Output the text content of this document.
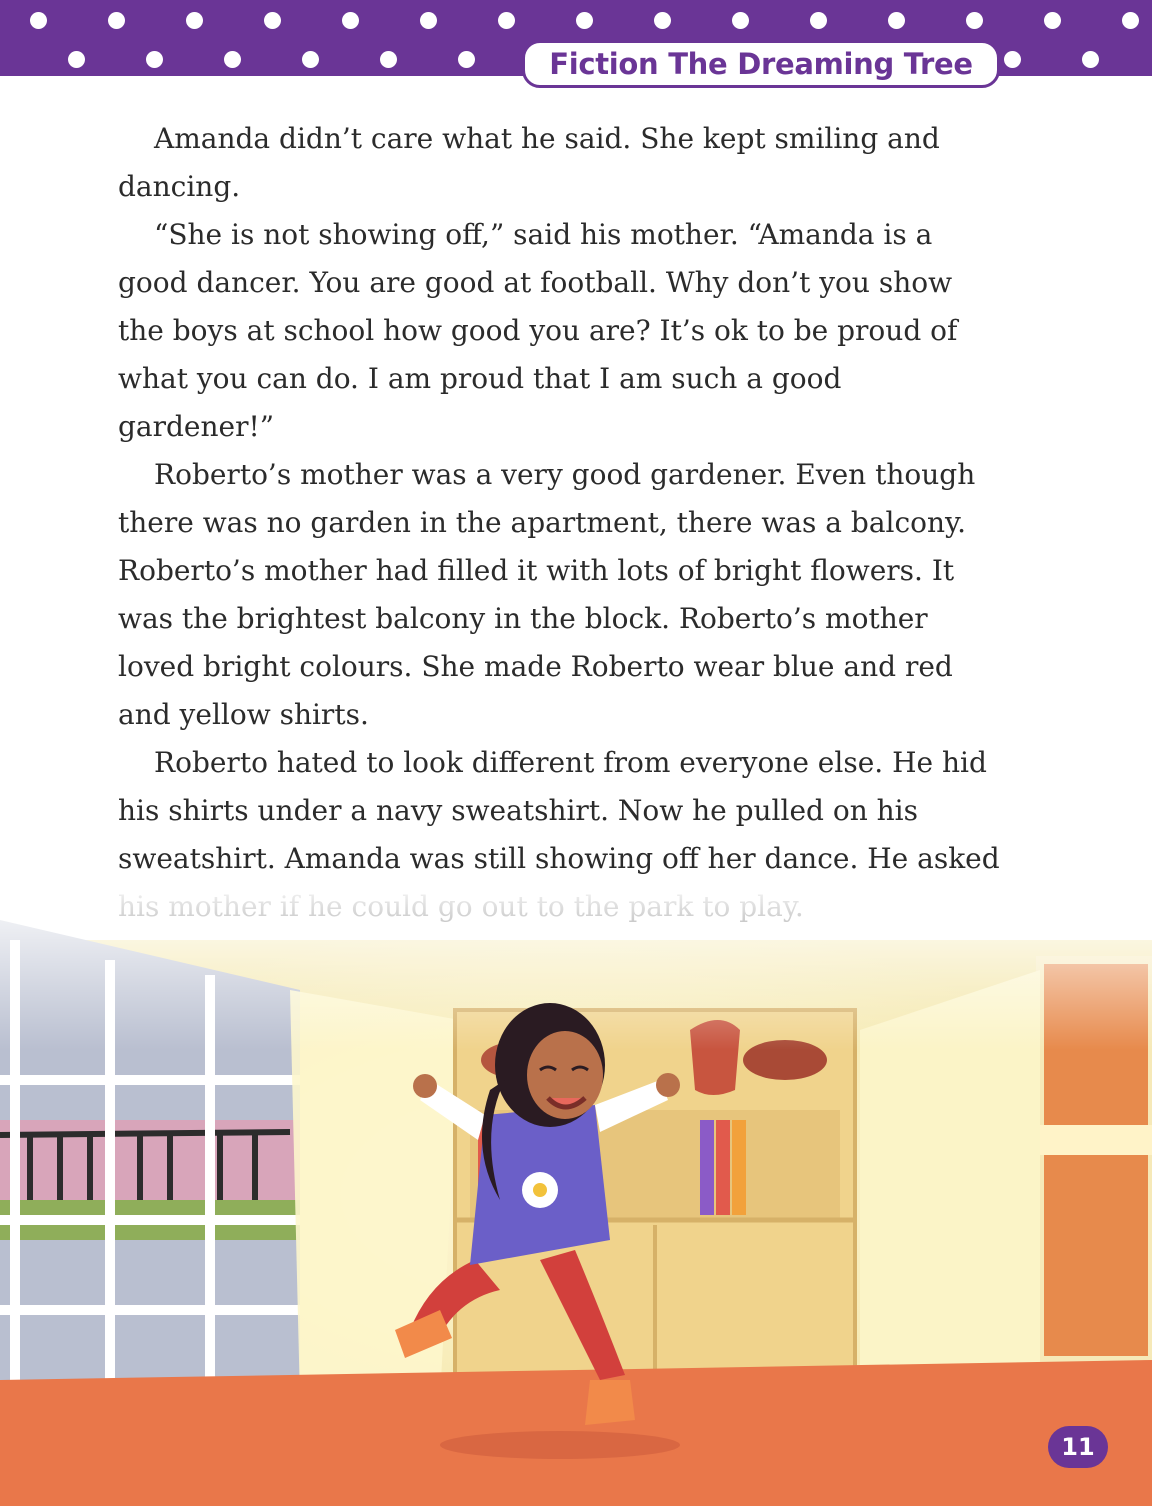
Fiction The Dreaming Tree

Amanda didn’t care what he said. She kept smiling and
dancing.

“She is not showing off,” said his mother. “Amanda is a
good dancer. You are good at football. Why don’t you show
the boys at school how good you are? It’s ok to be proud of
what you can do. I am proud that I am such a good
gardener!”

Roberto’s mother was a very good gardener. Even though
there was no garden in the apartment, there was a balcony.
Roberto’s mother had filled it with lots of bright flowers. It
was the brightest balcony in the block. Roberto’s mother
loved bright colours. She made Roberto wear blue and red
and yellow shirts.

Roberto hated to look different from everyone else. He hid
his shirts under a navy sweatshirt. Now he pulled on his
sweatshirt. Amanda was still showing off her dance. He asked

11
